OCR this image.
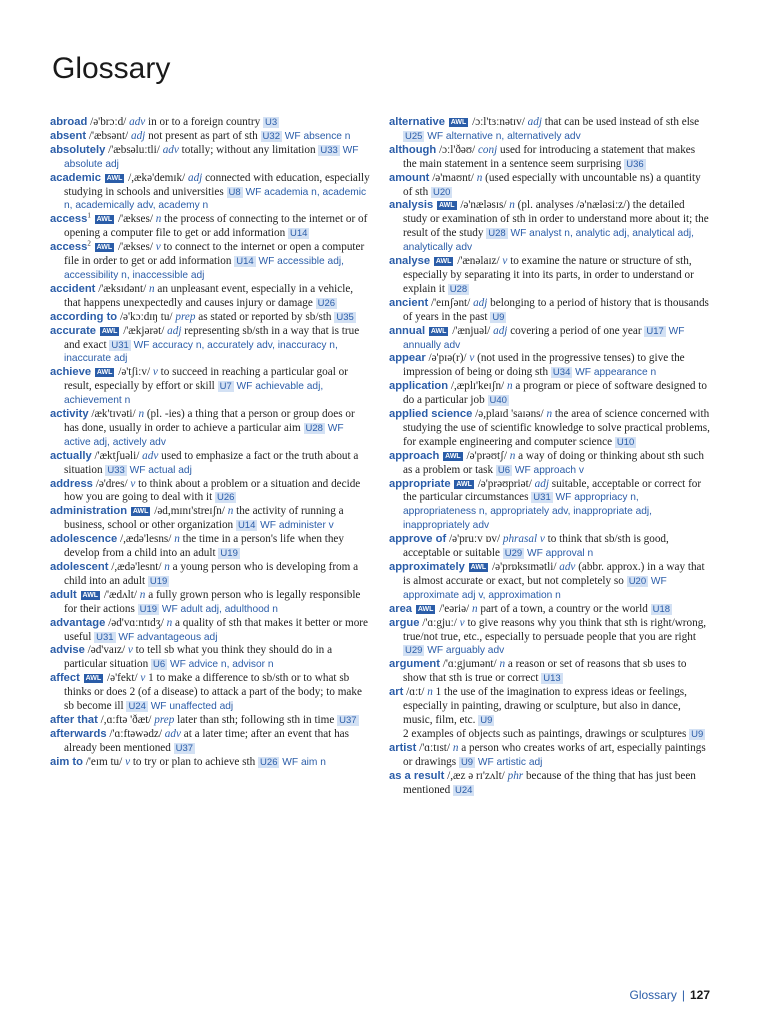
Glossary

abroad /ə'brɔːd/ adv in or to a foreign country U3

absent /'æbsənt/ adj not present as part of sth U32 WF absence n

absolutely /'æbsəluːtli/ adv totally; without any limitation U33 WF absolute adj

academic AWL /,ækə'demɪk/ adj connected with education, especially studying in schools and universities U8 WF academia n, academic n, academically adv, academy n

access$^1$ AWL /'ækses/ n the process of connecting to the internet or of opening a computer file to get or add information U14

access$^2$ AWL /'ækses/ v to connect to the internet or open a computer file in order to get or add information U14 WF accessible adj, accessibility n, inaccessible adj

accident /'æksɪdənt/ n an unpleasant event, especially in a vehicle, that happens unexpectedly and causes injury or damage U26

according to /ə'kɔːdɪŋ tu/ prep as stated or reported by sb/sth U35

accurate AWL /'ækjərət/ adj representing sb/sth in a way that is true and exact U31 WF accuracy n, accurately adv, inaccuracy n, inaccurate adj

achieve AWL /ə'tʃiːv/ v to succeed in reaching a particular goal or result, especially by effort or skill U7 WF achievable adj, achievement n

activity /æk'tɪvəti/ n (pl. -ies) a thing that a person or group does or has done, usually in order to achieve a particular aim U28 WF active adj, actively adv

actually /'æktʃuəli/ adv used to emphasize a fact or the truth about a situation U33 WF actual adj

address /ə'dres/ v to think about a problem or a situation and decide how you are going to deal with it U26

administration AWL /əd,mɪnɪ'streɪʃn/ n the activity of running a business, school or other organization U14 WF administer v

adolescence /,ædə'lesns/ n the time in a person's life when they develop from a child into an adult U19

adolescent /,ædə'lesnt/ n a young person who is developing from a child into an adult U19

adult AWL /'ædʌlt/ n a fully grown person who is legally responsible for their actions U19 WF adult adj, adulthood n

advantage /əd'vɑːntɪdʒ/ n a quality of sth that makes it better or more useful U31 WF advantageous adj

advise /əd'vaɪz/ v to tell sb what you think they should do in a particular situation U6 WF advice n, advisor n

affect AWL /ə'fekt/ v 1 to make a difference to sb/sth or to what sb thinks or does 2 (of a disease) to attack a part of the body; to make sb become ill U24 WF unaffected adj

after that /,ɑːftə 'ðæt/ prep later than sth; following sth in time U37

afterwards /'ɑːftəwədz/ adv at a later time; after an event that has already been mentioned U37

aim to /'eɪm tu/ v to try or plan to achieve sth U26 WF aim n

alternative AWL /ɔːl'tɜːnətɪv/ adj that can be used instead of sth else U25 WF alternative n, alternatively adv

although /ɔːl'ðəʊ/ conj used for introducing a statement that makes the main statement in a sentence seem surprising U36

amount /ə'maʊnt/ n (used especially with uncountable ns) a quantity of sth U20

analysis AWL /ə'næləsɪs/ n (pl. analyses /ə'næləsiːz/) the detailed study or examination of sth in order to understand more about it; the result of the study U28 WF analyst n, analytic adj, analytical adj, analytically adv

analyse AWL /'ænəlaɪz/ v to examine the nature or structure of sth, especially by separating it into its parts, in order to understand or explain it U28

ancient /'eɪnʃənt/ adj belonging to a period of history that is thousands of years in the past U9

annual AWL /'ænjuəl/ adj covering a period of one year U17 WF annually adv

appear /ə'pɪə(r)/ v (not used in the progressive tenses) to give the impression of being or doing sth U34 WF appearance n

application /,æplɪ'keɪʃn/ n a program or piece of software designed to do a particular job U40

applied science /ə,plaɪd 'saɪəns/ n the area of science concerned with studying the use of scientific knowledge to solve practical problems, for example engineering and computer science U10

approach AWL /ə'prəʊtʃ/ n a way of doing or thinking about sth such as a problem or task U6 WF approach v

appropriate AWL /ə'prəʊpriət/ adj suitable, acceptable or correct for the particular circumstances U31 WF appropriacy n, appropriateness n, appropriately adv, inappropriate adj, inappropriately adv

approve of /ə'pruːv ɒv/ phrasal v to think that sb/sth is good, acceptable or suitable U29 WF approval n

approximately AWL /ə'prɒksɪmətli/ adv (abbr. approx.) in a way that is almost accurate or exact, but not completely so U20 WF approximate adj v, approximation n

area AWL /'eəriə/ n part of a town, a country or the world U18

argue /'ɑːgjuː/ v to give reasons why you think that sth is right/wrong, true/not true, etc., especially to persuade people that you are right U29 WF arguably adv

argument /'ɑːgjumənt/ n a reason or set of reasons that sb uses to show that sth is true or correct U13

art /ɑːt/ n 1 the use of the imagination to express ideas or feelings, especially in painting, drawing or sculpture, but also in dance, music, film, etc. U9
2 examples of objects such as paintings, drawings or sculptures U9

artist /'ɑːtɪst/ n a person who creates works of art, especially paintings or drawings U9 WF artistic adj

as a result /,æz ə rɪ'zʌlt/ phr because of the thing that has just been mentioned U24

Glossary | 127
